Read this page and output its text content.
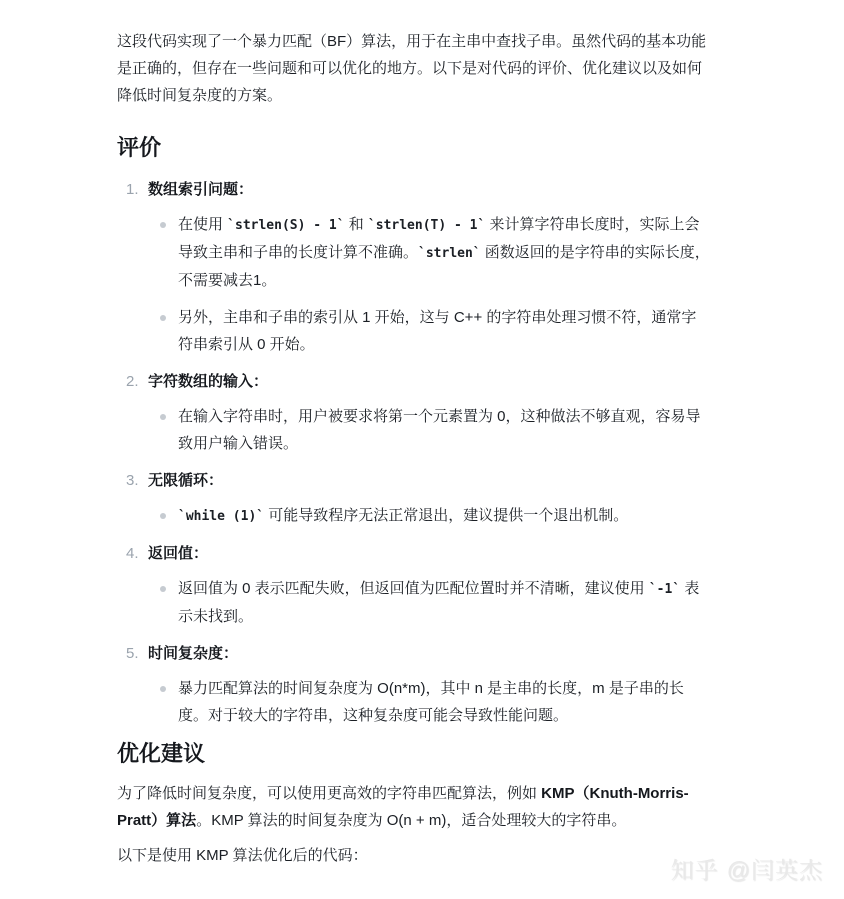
这段代码实现了一个暴力匹配（BF）算法，用于在主串中查找子串。虽然代码的基本功能是正确的，但存在一些问题和可以优化的地方。以下是对代码的评价、优化建议以及如何降低时间复杂度的方案。

评价
1. 数组索引问题：

在使用 `strlen(S) - 1` 和 `strlen(T) - 1` 来计算字符串长度时，实际上会导致主串和子串的长度计算不准确。`strlen` 函数返回的是字符串的实际长度，不需要减去1。

另外，主串和子串的索引从 1 开始，这与 C++ 的字符串处理习惯不符，通常字符串索引从 0 开始。

2. 字符数组的输入：

在输入字符串时，用户被要求将第一个元素置为 0，这种做法不够直观，容易导致用户输入错误。

3. 无限循环：

`while (1)` 可能导致程序无法正常退出，建议提供一个退出机制。

4. 返回值：

返回值为 0 表示匹配失败，但返回值为匹配位置时并不清晰，建议使用 `-1` 表示未找到。

5. 时间复杂度：

暴力匹配算法的时间复杂度为 O(n*m)，其中 n 是主串的长度，m 是子串的长度。对于较大的字符串，这种复杂度可能会导致性能问题。

优化建议

为了降低时间复杂度，可以使用更高效的字符串匹配算法，例如 KMP（Knuth-Morris-Pratt）算法。KMP 算法的时间复杂度为 O(n + m)，适合处理较大的字符串。

以下是使用 KMP 算法优化后的代码：

知乎 @闫英杰
